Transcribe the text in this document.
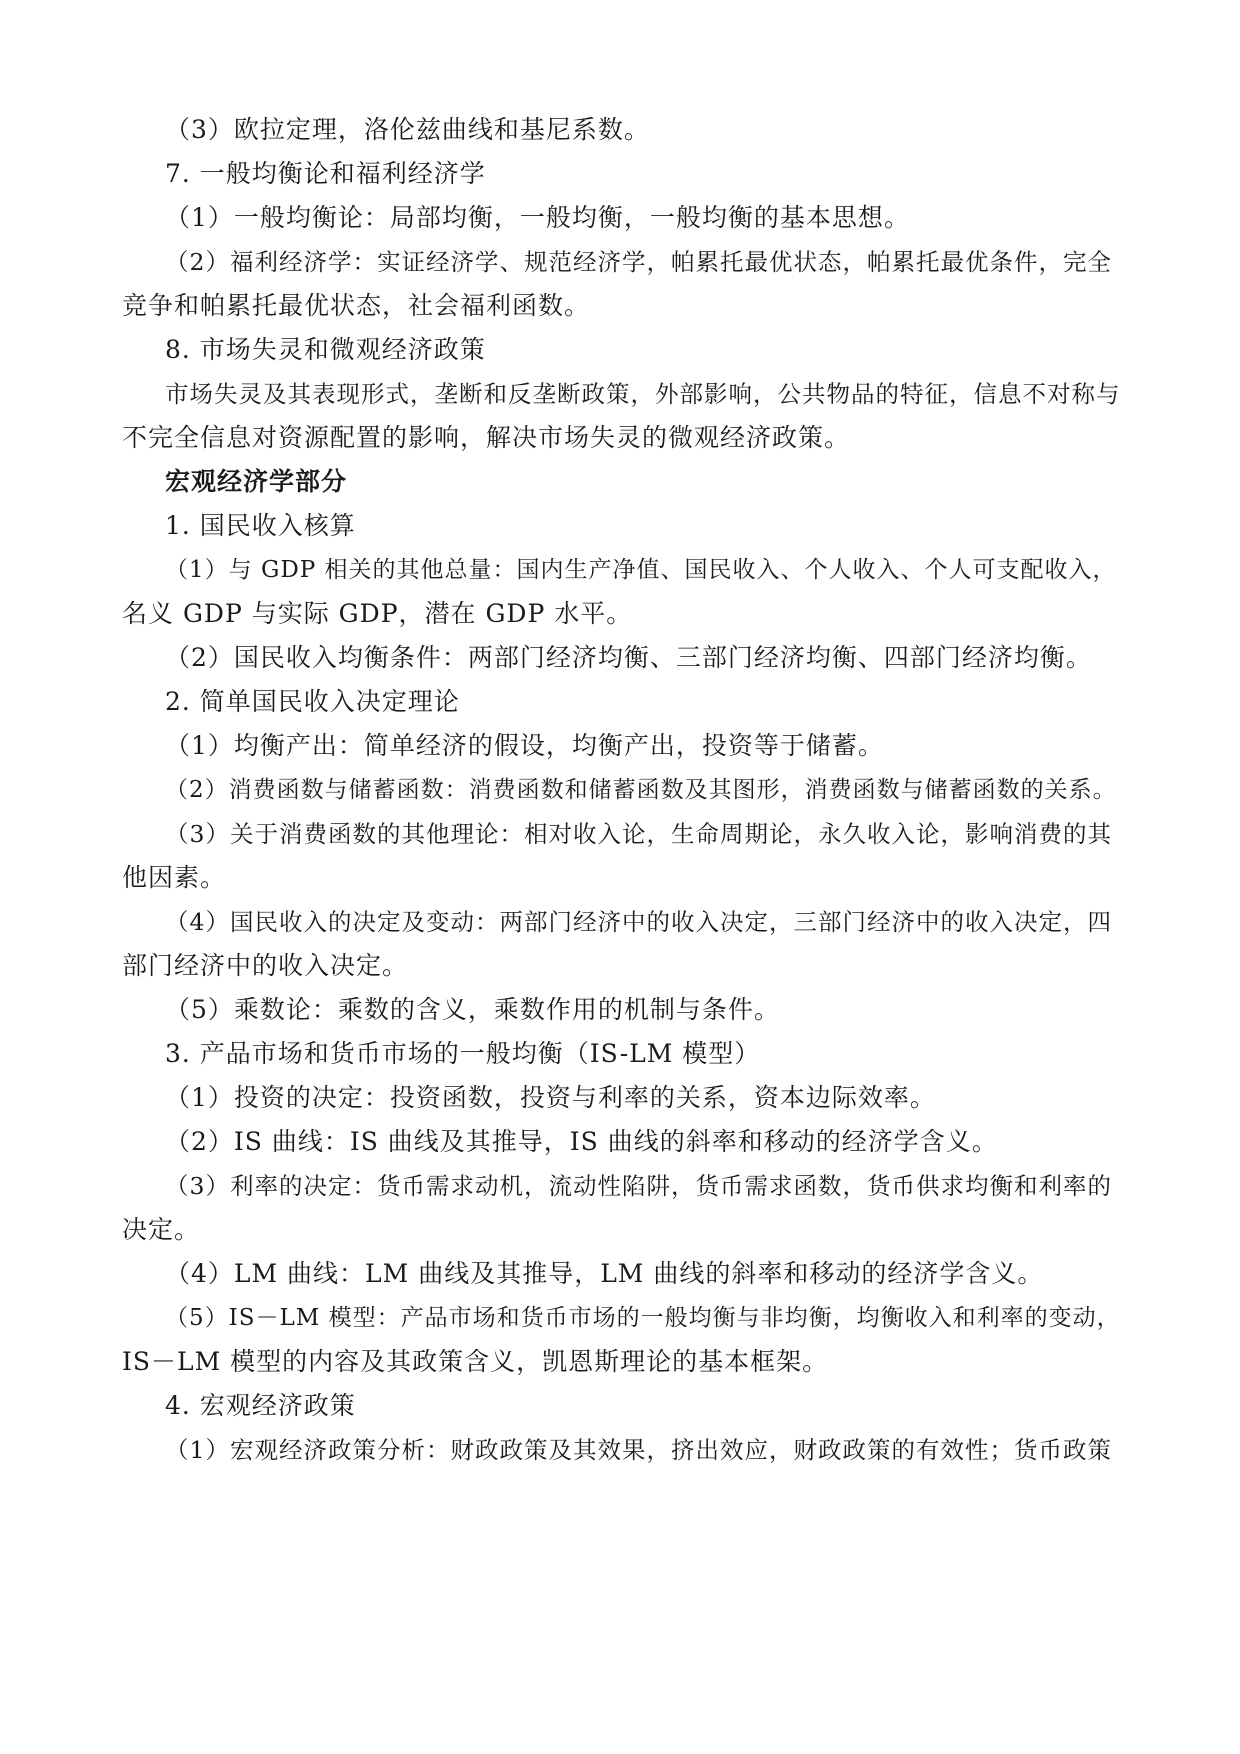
（3）欧拉定理，洛伦兹曲线和基尼系数。
7. 一般均衡论和福利经济学
（1）一般均衡论：局部均衡，一般均衡，一般均衡的基本思想。
（2）福利经济学：实证经济学、规范经济学，帕累托最优状态，帕累托最优条件，完全
竞争和帕累托最优状态，社会福利函数。
8. 市场失灵和微观经济政策
市场失灵及其表现形式，垄断和反垄断政策，外部影响，公共物品的特征，信息不对称与
不完全信息对资源配置的影响，解决市场失灵的微观经济政策。
宏观经济学部分
1. 国民收入核算
（1）与 GDP 相关的其他总量：国内生产净值、国民收入、个人收入、个人可支配收入，
名义 GDP 与实际 GDP，潜在 GDP 水平。
（2）国民收入均衡条件：两部门经济均衡、三部门经济均衡、四部门经济均衡。
2. 简单国民收入决定理论
（1）均衡产出：简单经济的假设，均衡产出，投资等于储蓄。
（2）消费函数与储蓄函数：消费函数和储蓄函数及其图形，消费函数与储蓄函数的关系。
（3）关于消费函数的其他理论：相对收入论，生命周期论，永久收入论，影响消费的其
他因素。
（4）国民收入的决定及变动：两部门经济中的收入决定，三部门经济中的收入决定，四
部门经济中的收入决定。
（5）乘数论：乘数的含义，乘数作用的机制与条件。
3. 产品市场和货币市场的一般均衡（IS-LM 模型）
（1）投资的决定：投资函数，投资与利率的关系，资本边际效率。
（2）IS 曲线：IS 曲线及其推导，IS 曲线的斜率和移动的经济学含义。
（3）利率的决定：货币需求动机，流动性陷阱，货币需求函数，货币供求均衡和利率的
决定。
（4）LM 曲线：LM 曲线及其推导，LM 曲线的斜率和移动的经济学含义。
（5）IS－LM 模型：产品市场和货币市场的一般均衡与非均衡，均衡收入和利率的变动，
IS－LM 模型的内容及其政策含义，凯恩斯理论的基本框架。
4. 宏观经济政策
（1）宏观经济政策分析：财政政策及其效果，挤出效应，财政政策的有效性；货币政策
